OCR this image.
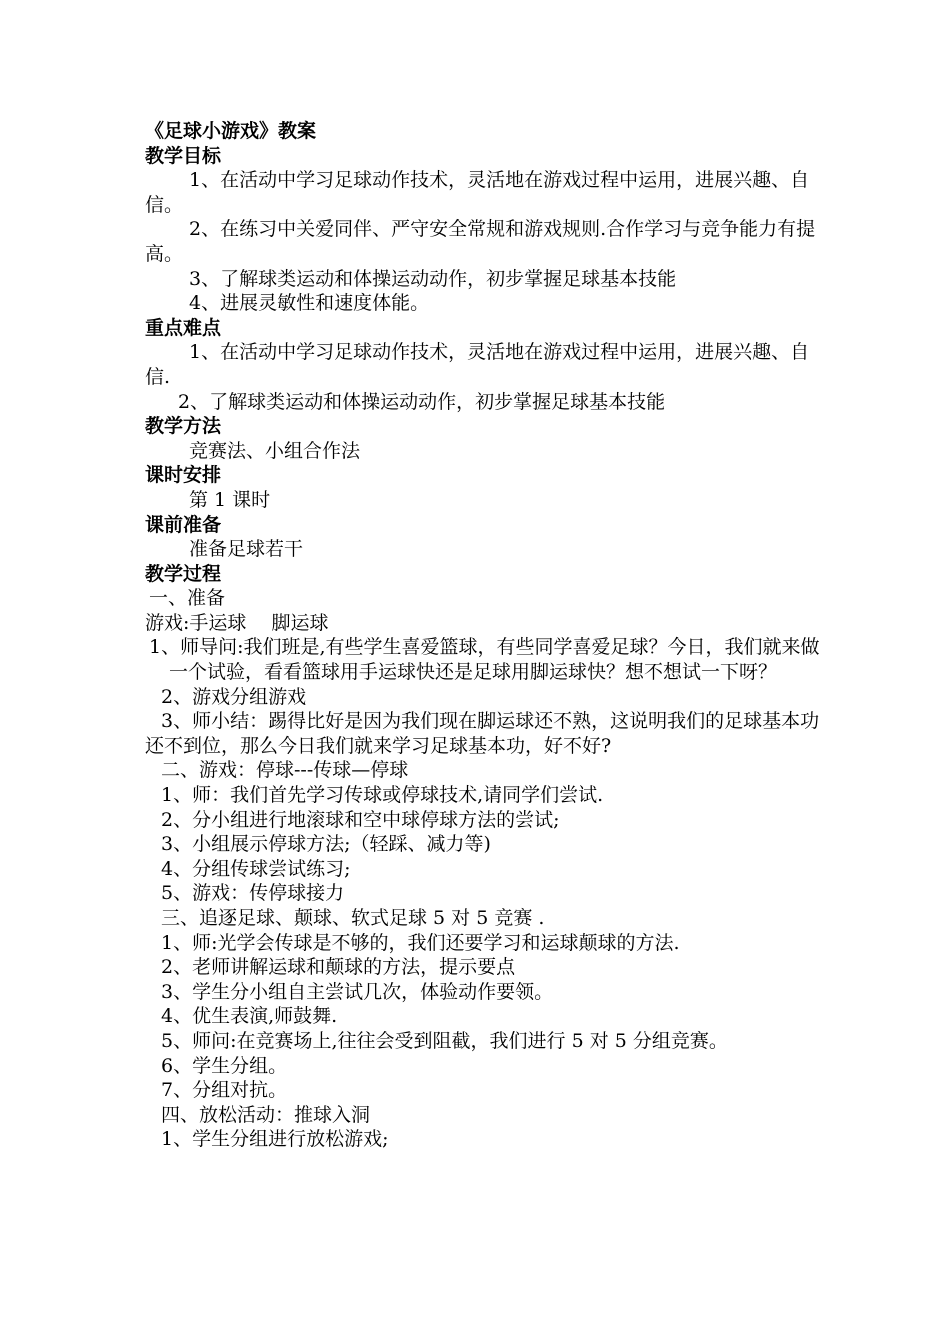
《足球小游戏》教案
教学目标
1、在活动中学习足球动作技术，灵活地在游戏过程中运用，进展兴趣、自信。
2、在练习中关爱同伴、严守安全常规和游戏规则.合作学习与竞争能力有提高。
3、了解球类运动和体操运动动作，初步掌握足球基本技能
4、进展灵敏性和速度体能。
重点难点
1、在活动中学习足球动作技术，灵活地在游戏过程中运用，进展兴趣、自信.
2、了解球类运动和体操运动动作，初步掌握足球基本技能
教学方法
竞赛法、小组合作法
课时安排
第 1 课时
课前准备
准备足球若干
教学过程
一、准备
游戏:手运球　 脚运球
1、师导问:我们班是,有些学生喜爱篮球，有些同学喜爱足球？今日，我们就来做一个试验，看看篮球用手运球快还是足球用脚运球快？想不想试一下呀？
2、游戏分组游戏
3、师小结：踢得比好是因为我们现在脚运球还不熟，这说明我们的足球基本功还不到位，那么今日我们就来学习足球基本功，好不好?
二、游戏：停球---传球—停球
1、师：我们首先学习传球或停球技术,请同学们尝试.
2、分小组进行地滚球和空中球停球方法的尝试;
3、小组展示停球方法;（轻踩、减力等)
4、分组传球尝试练习;
5、游戏：传停球接力
三、追逐足球、颠球、软式足球 5 对 5 竞赛 .
1、师:光学会传球是不够的，我们还要学习和运球颠球的方法.
2、老师讲解运球和颠球的方法，提示要点
3、学生分小组自主尝试几次，体验动作要领。
4、优生表演,师鼓舞.
5、师问:在竞赛场上,往往会受到阻截，我们进行 5 对 5 分组竞赛。
6、学生分组。
7、分组对抗。
四、放松活动：推球入洞
1、学生分组进行放松游戏;
